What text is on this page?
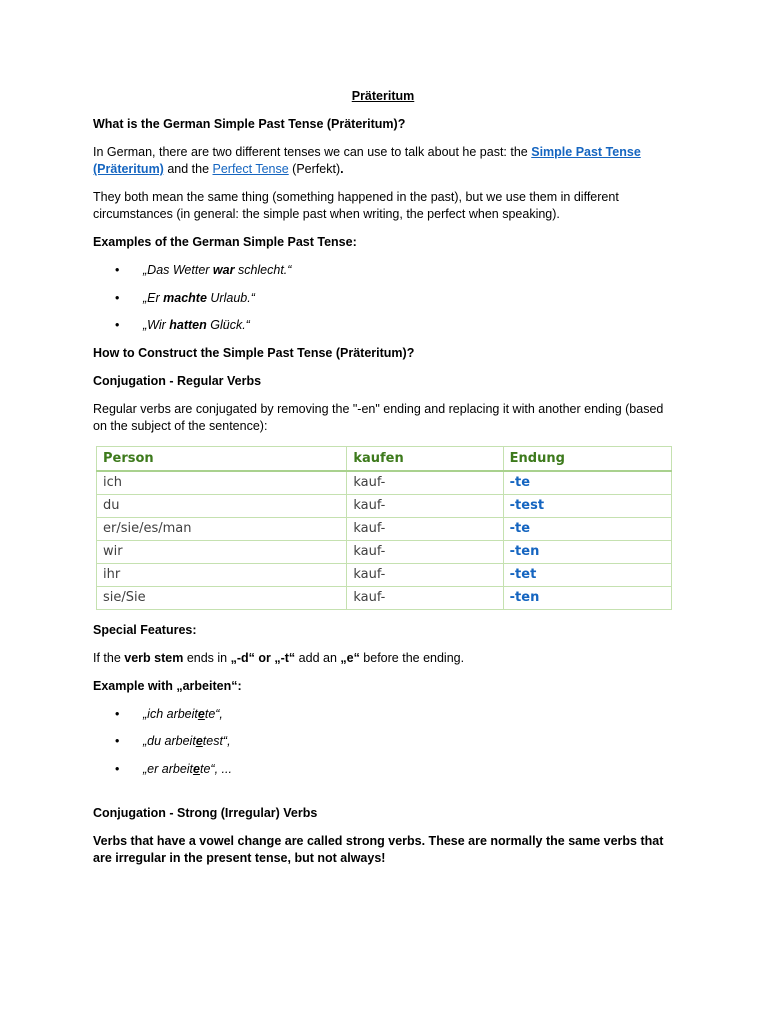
Präteritum
What is the German Simple Past Tense (Präteritum)?
In German, there are two different tenses we can use to talk about he past: the Simple Past Tense (Präteritum) and the Perfect Tense (Perfekt).
They both mean the same thing (something happened in the past), but we use them in different circumstances (in general: the simple past when writing, the perfect when speaking).
Examples of the German Simple Past Tense:
• „Das Wetter war schlecht.“
• „Er machte Urlaub.“
• „Wir hatten Glück.“
How to Construct the Simple Past Tense (Präteritum)?
Conjugation - Regular Verbs
Regular verbs are conjugated by removing the "-en" ending and replacing it with another ending (based on the subject of the sentence):
Person	kaufen	Endung
ich	kauf-	-te
du	kauf-	-test
er/sie/es/man	kauf-	-te
wir	kauf-	-ten
ihr	kauf-	-tet
sie/Sie	kauf-	-ten
Special Features:
If the verb stem ends in „-d“ or „-t“ add an „e“ before the ending.
Example with „arbeiten“:
• „ich arbeitete“,
• „du arbeitetest“,
• „er arbeitete“, ...
Conjugation - Strong (Irregular) Verbs
Verbs that have a vowel change are called strong verbs. These are normally the same verbs that are irregular in the present tense, but not always!
